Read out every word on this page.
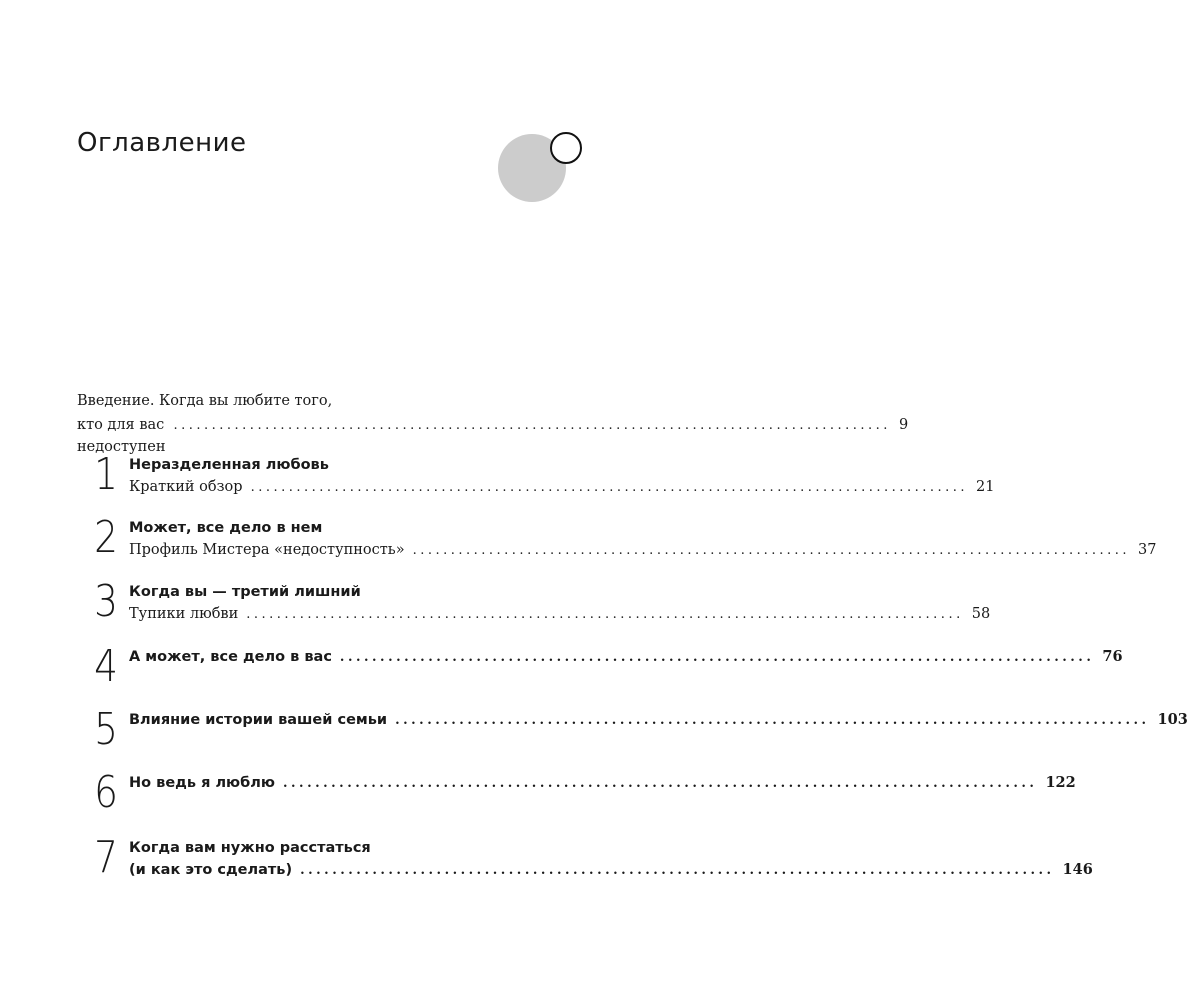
Оглавление
Введение. Когда вы любите того,
кто для вас недоступен
.............................................................................................. 9
1 Неразделенная любовь
Краткий обзор .............................................................................................. 21
2 Может, все дело в нем
Профиль Мистера «недоступность» .............................................................................................. 37
3 Когда вы — третий лишний
Тупики любви .............................................................................................. 58
4 А может, все дело в вас .............................................................................................. 76
5 Влияние истории вашей семьи .............................................................................................. 103
6 Но ведь я люблю .............................................................................................. 122
7 Когда вам нужно расстаться
(и как это сделать) .............................................................................................. 146
